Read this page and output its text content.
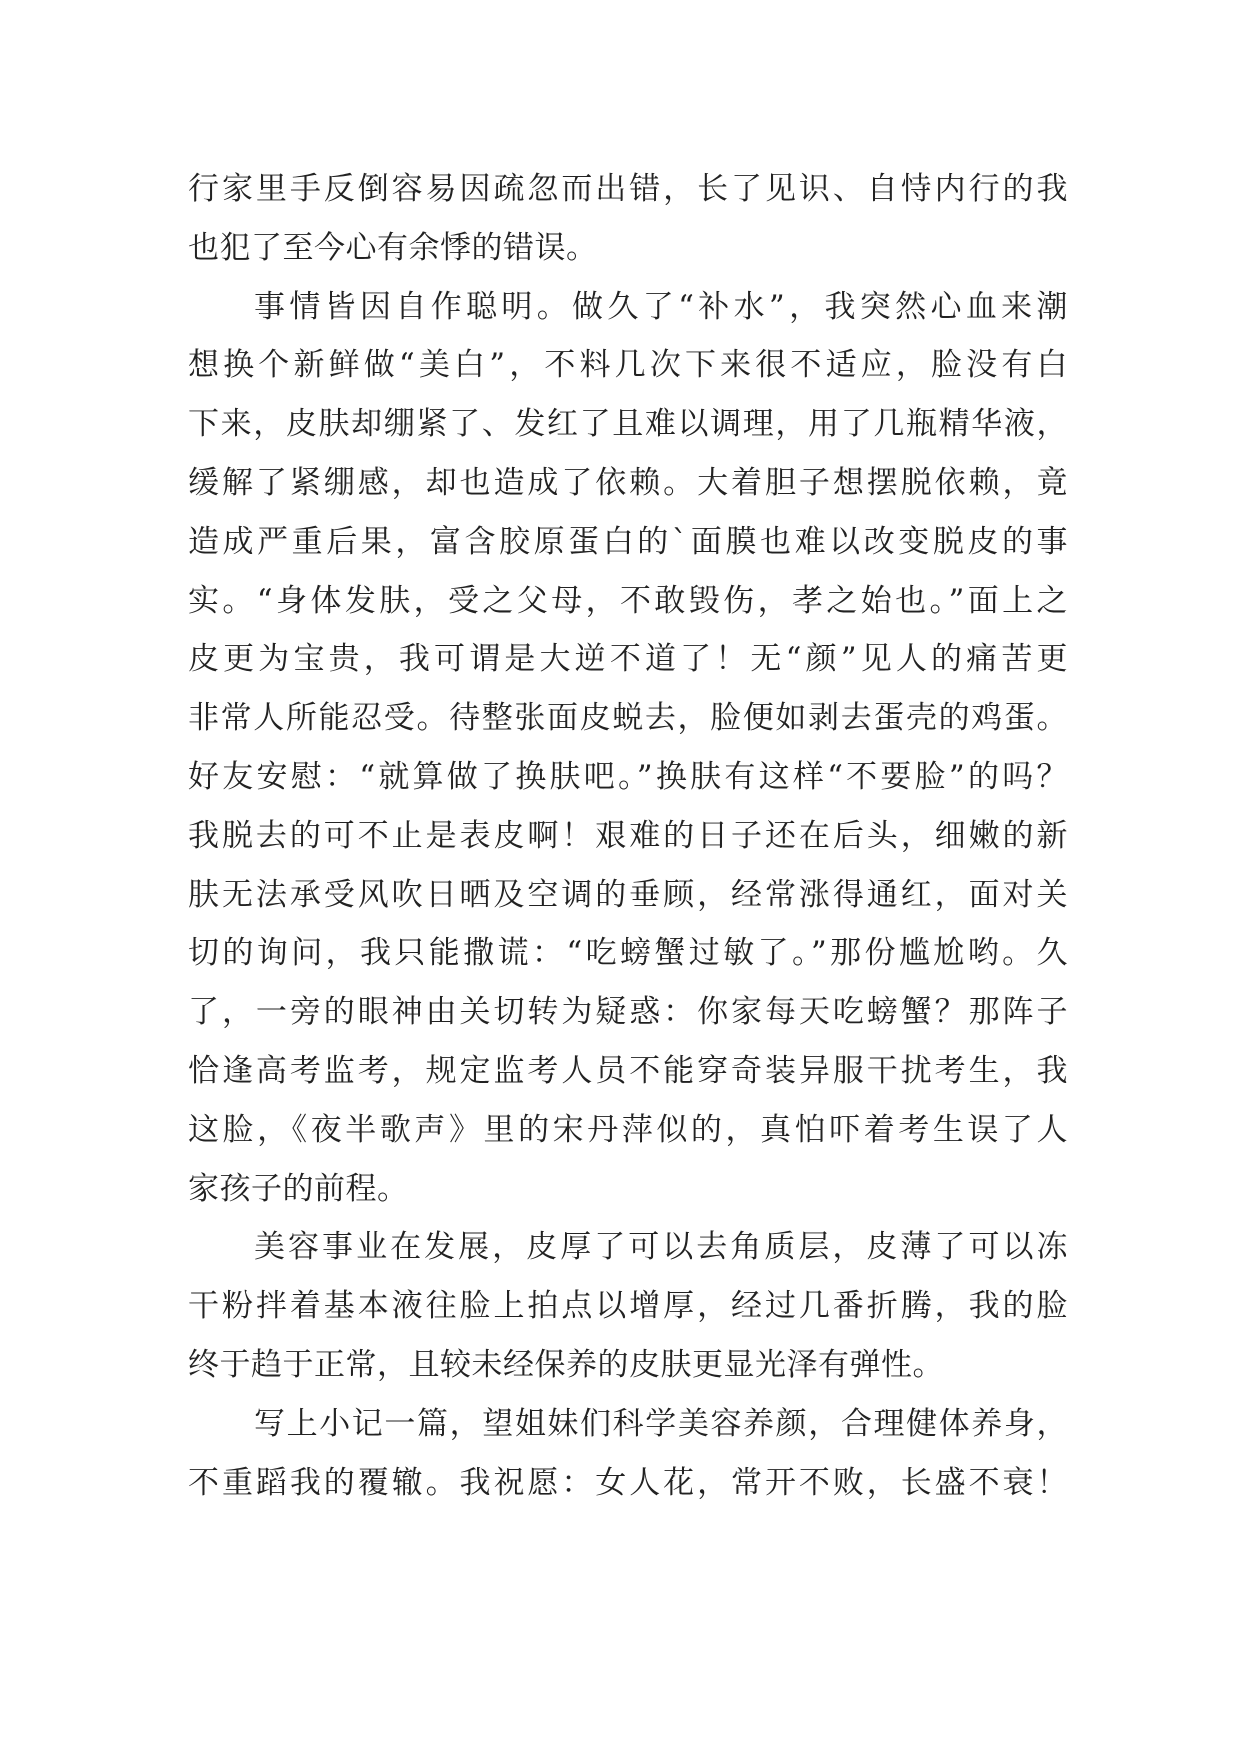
行家里手反倒容易因疏忽而出错，长了见识、自恃内行的我
也犯了至今心有余悸的错误。
事情皆因自作聪明。做久了“补水”，我突然心血来潮
想换个新鲜做“美白”，不料几次下来很不适应，脸没有白
下来，皮肤却绷紧了、发红了且难以调理，用了几瓶精华液，
缓解了紧绷感，却也造成了依赖。大着胆子想摆脱依赖，竟
造成严重后果，富含胶原蛋白的`面膜也难以改变脱皮的事
实。“身体发肤，受之父母，不敢毁伤，孝之始也。”面上之
皮更为宝贵，我可谓是大逆不道了！无“颜”见人的痛苦更
非常人所能忍受。待整张面皮蜕去，脸便如剥去蛋壳的鸡蛋。
好友安慰：“就算做了换肤吧。”换肤有这样“不要脸”的吗？
我脱去的可不止是表皮啊！艰难的日子还在后头，细嫩的新
肤无法承受风吹日晒及空调的垂顾，经常涨得通红，面对关
切的询问，我只能撒谎：“吃螃蟹过敏了。”那份尴尬哟。久
了，一旁的眼神由关切转为疑惑：你家每天吃螃蟹？那阵子
恰逢高考监考，规定监考人员不能穿奇装异服干扰考生，我
这脸，《夜半歌声》里的宋丹萍似的，真怕吓着考生误了人
家孩子的前程。
美容事业在发展，皮厚了可以去角质层，皮薄了可以冻
干粉拌着基本液往脸上拍点以增厚，经过几番折腾，我的脸
终于趋于正常，且较未经保养的皮肤更显光泽有弹性。
写上小记一篇，望姐妹们科学美容养颜，合理健体养身，
不重蹈我的覆辙。我祝愿：女人花，常开不败，长盛不衰！
